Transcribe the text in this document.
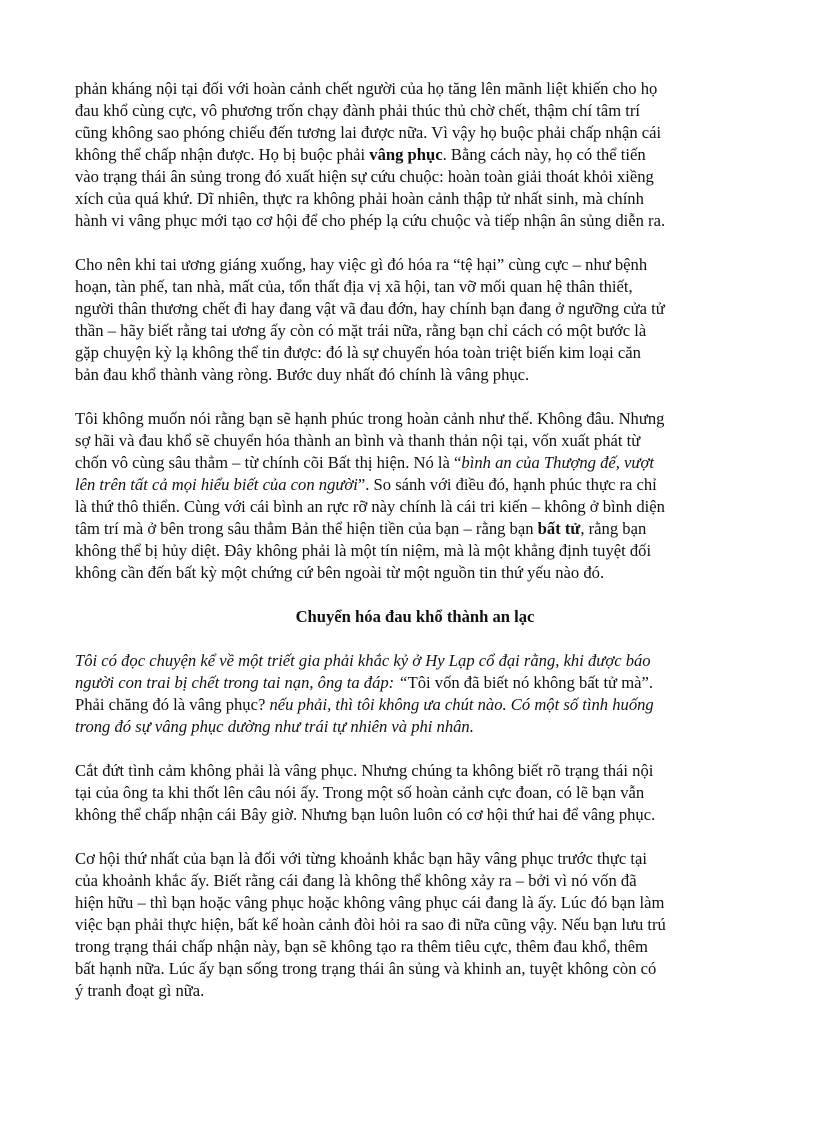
phản kháng nội tại đối với hoàn cảnh chết người của họ tăng lên mãnh liệt khiến cho họ
đau khổ cùng cực, vô phương trốn chạy đành phải thúc thủ chờ chết, thậm chí tâm trí
cũng không sao phóng chiếu đến tương lai được nữa. Vì vậy họ buộc phải chấp nhận cái
không thể chấp nhận được. Họ bị buộc phải vâng phục. Bằng cách này, họ có thể tiến
vào trạng thái ân sủng trong đó xuất hiện sự cứu chuộc: hoàn toàn giải thoát khỏi xiềng
xích của quá khứ. Dĩ nhiên, thực ra không phải hoàn cảnh thập tử nhất sinh, mà chính
hành vi vâng phục mới tạo cơ hội để cho phép lạ cứu chuộc và tiếp nhận ân sủng diễn ra.
Cho nên khi tai ương giáng xuống, hay việc gì đó hóa ra “tệ hại” cùng cực – như bệnh
hoạn, tàn phế, tan nhà, mất của, tổn thất địa vị xã hội, tan vỡ mối quan hệ thân thiết,
người thân thương chết đi hay đang vật vã đau đớn, hay chính bạn đang ở ngưỡng cửa tử
thần – hãy biết rằng tai ương ấy còn có mặt trái nữa, rằng bạn chỉ cách có một bước là
gặp chuyện kỳ lạ không thể tin được: đó là sự chuyển hóa toàn triệt biến kim loại căn
bản đau khổ thành vàng ròng. Bước duy nhất đó chính là vâng phục.
Tôi không muốn nói rằng bạn sẽ hạnh phúc trong hoàn cảnh như thế. Không đâu. Nhưng
sợ hãi và đau khổ sẽ chuyển hóa thành an bình và thanh thản nội tại, vốn xuất phát từ
chốn vô cùng sâu thẳm – từ chính cõi Bất thị hiện. Nó là “bình an của Thượng đế, vượt
lên trên tất cả mọi hiểu biết của con người”. So sánh với điều đó, hạnh phúc thực ra chỉ
là thứ thô thiển. Cùng với cái bình an rực rỡ này chính là cái tri kiến – không ở bình diện
tâm trí mà ở bên trong sâu thẳm Bản thể hiện tiền của bạn – rằng bạn bất tử, rằng bạn
không thể bị hủy diệt. Đây không phải là một tín niệm, mà là một khẳng định tuyệt đối
không cần đến bất kỳ một chứng cứ bên ngoài từ một nguồn tin thứ yếu nào đó.
Chuyển hóa đau khổ thành an lạc
Tôi có đọc chuyện kể về một triết gia phải khắc kỷ ở Hy Lạp cổ đại rằng, khi được báo
người con trai bị chết trong tai nạn, ông ta đáp: “Tôi vốn đã biết nó không bất tử mà”.
Phải chăng đó là vâng phục? nếu phải, thì tôi không ưa chút nào. Có một số tình huống
trong đó sự vâng phục dường như trái tự nhiên và phi nhân.
Cắt đứt tình cảm không phải là vâng phục. Nhưng chúng ta không biết rõ trạng thái nội
tại của ông ta khi thốt lên câu nói ấy. Trong một số hoàn cảnh cực đoan, có lẽ bạn vẫn
không thể chấp nhận cái Bây giờ. Nhưng bạn luôn luôn có cơ hội thứ hai để vâng phục.
Cơ hội thứ nhất của bạn là đối với từng khoảnh khắc bạn hãy vâng phục trước thực tại
của khoảnh khắc ấy. Biết rằng cái đang là không thể không xảy ra – bởi vì nó vốn đã
hiện hữu – thì bạn hoặc vâng phục hoặc không vâng phục cái đang là ấy. Lúc đó bạn làm
việc bạn phải thực hiện, bất kể hoàn cảnh đòi hỏi ra sao đi nữa cũng vậy. Nếu bạn lưu trú
trong trạng thái chấp nhận này, bạn sẽ không tạo ra thêm tiêu cực, thêm đau khổ, thêm
bất hạnh nữa. Lúc ấy bạn sống trong trạng thái ân sủng và khinh an, tuyệt không còn có
ý tranh đoạt gì nữa.
